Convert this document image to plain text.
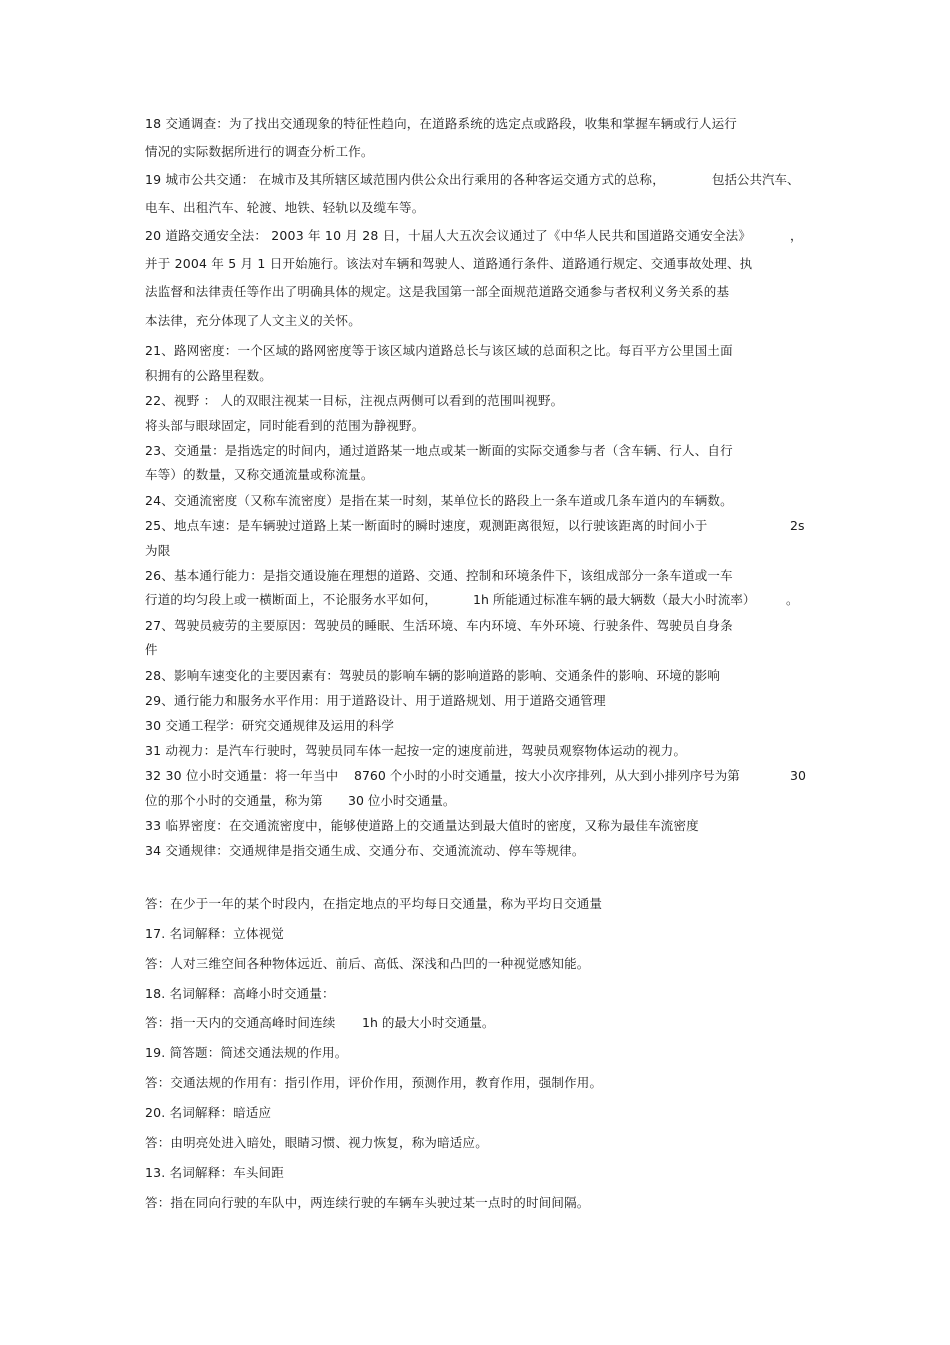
18 交通调查：为了找出交通现象的特征性趋向，在道路系统的选定点或路段，收集和掌握车辆或行人运行
情况的实际数据所进行的调查分析工作。
19 城市公共交通： 在城市及其所辖区域范围内供公众出行乘用的各种客运交通方式的总称，	包括公共汽车、
电车、出租汽车、轮渡、地铁、轻轨以及缆车等。
20 道路交通安全法： 2003 年 10 月 28 日，十届人大五次会议通过了《中华人民共和国道路交通安全法》	，
并于 2004 年 5 月 1 日开始施行。该法对车辆和驾驶人、道路通行条件、道路通行规定、交通事故处理、执
法监督和法律责任等作出了明确具体的规定。这是我国第一部全面规范道路交通参与者权利义务关系的基
本法律，充分体现了人文主义的关怀。
21、路网密度：一个区域的路网密度等于该区域内道路总长与该区域的总面积之比。每百平方公里国土面
积拥有的公路里程数。
22、视野 ： 人的双眼注视某一目标，注视点两侧可以看到的范围叫视野。
将头部与眼球固定，同时能看到的范围为静视野。
23、交通量：是指选定的时间内，通过道路某一地点或某一断面的实际交通参与者（含车辆、行人、自行
车等）的数量，又称交通流量或称流量。
24、交通流密度（又称车流密度）是指在某一时刻，某单位长的路段上一条车道或几条车道内的车辆数。
25、地点车速：是车辆驶过道路上某一断面时的瞬时速度，观测距离很短，以行驶该距离的时间小于	2s
为限
26、基本通行能力：是指交通设施在理想的道路、交通、控制和环境条件下，该组成部分一条车道或一车
行道的均匀段上或一横断面上，不论服务水平如何，	1h 所能通过标准车辆的最大辆数（最大小时流率） 。
27、驾驶员疲劳的主要原因：驾驶员的睡眠、生活环境、车内环境、车外环境、行驶条件、驾驶员自身条
件
28、影响车速变化的主要因素有：驾驶员的影响车辆的影响道路的影响、交通条件的影响、环境的影响
29、通行能力和服务水平作用：用于道路设计、用于道路规划、用于道路交通管理
30 交通工程学：研究交通规律及运用的科学
31 动视力：是汽车行驶时，驾驶员同车体一起按一定的速度前进，驾驶员观察物体运动的视力。
32 30 位小时交通量：将一年当中 8760 个小时的小时交通量，按大小次序排列，从大到小排列序号为第	30
位的那个小时的交通量，称为第 30 位小时交通量。
33 临界密度：在交通流密度中，能够使道路上的交通量达到最大值时的密度，又称为最佳车流密度
34 交通规律：交通规律是指交通生成、交通分布、交通流流动、停车等规律。
答：在少于一年的某个时段内，在指定地点的平均每日交通量，称为平均日交通量
17. 名词解释：立体视觉
答：人对三维空间各种物体远近、前后、高低、深浅和凸凹的一种视觉感知能。
18. 名词解释：高峰小时交通量：
答：指一天内的交通高峰时间连续 1h 的最大小时交通量。
19. 简答题：简述交通法规的作用。
答：交通法规的作用有：指引作用，评价作用，预测作用，教育作用，强制作用。
20. 名词解释：暗适应
答：由明亮处进入暗处，眼睛习惯、视力恢复，称为暗适应。
13. 名词解释：车头间距
答：指在同向行驶的车队中，两连续行驶的车辆车头驶过某一点时的时间间隔。
